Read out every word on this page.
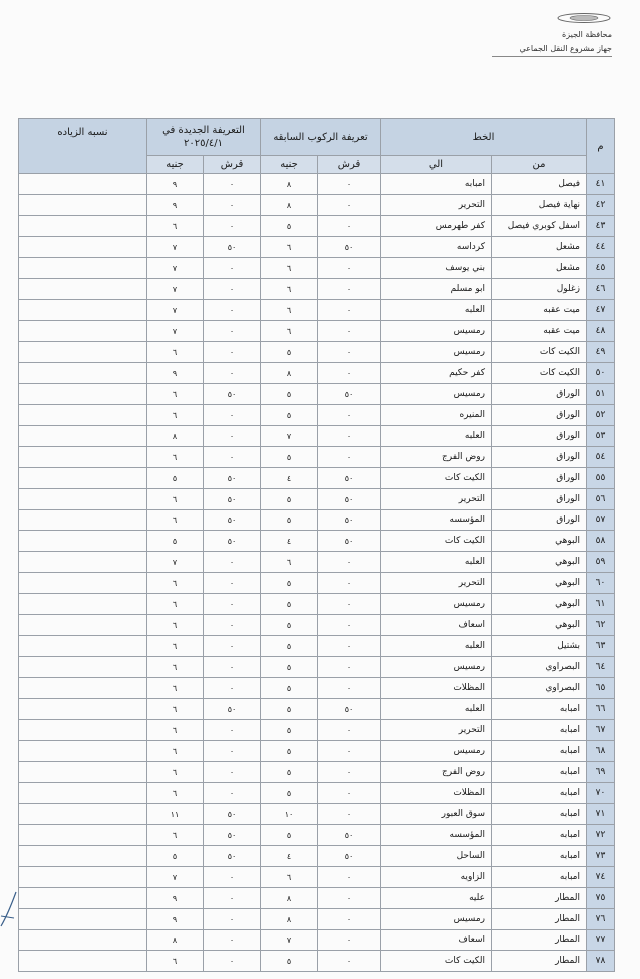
محافظة الجيزة
جهاز مشروع النقل الجماعي
م	الخط		تعريفة الركوب السابقه		التعريفة الجديدة في ٢٠٢٥/٤/١		نسبه الزياده
	من	الي	قرش	جنيه	قرش	جنيه	
٤١	فيصل	امبابه	٠	٨	٠	٩	
٤٢	نهاية فيصل	التحرير	٠	٨	٠	٩	
٤٣	اسفل كوبري فيصل	كفر طهرمس	٠	٥	٠	٦	
٤٤	مشعل	كرداسه	٥٠	٦	٥٠	٧	
٤٥	مشعل	بني يوسف	٠	٦	٠	٧	
٤٦	زغلول	ابو مسلم	٠	٦	٠	٧	
٤٧	ميت عقبه	العلبه	٠	٦	٠	٧	
٤٨	ميت عقبه	رمسيس	٠	٦	٠	٧	
٤٩	الكيت كات	رمسيس	٠	٥	٠	٦	
٥٠	الكيت كات	كفر حكيم	٠	٨	٠	٩	
٥١	الوراق	رمسيس	٥٠	٥	٥٠	٦	
٥٢	الوراق	المنيره	٠	٥	٠	٦	
٥٣	الوراق	العلبه	٠	٧	٠	٨	
٥٤	الوراق	روض الفرج	٠	٥	٠	٦	
٥٥	الوراق	الكيت كات	٥٠	٤	٥٠	٥	
٥٦	الوراق	التحرير	٥٠	٥	٥٠	٦	
٥٧	الوراق	المؤسسه	٥٠	٥	٥٠	٦	
٥٨	البوهي	الكيت كات	٥٠	٤	٥٠	٥	
٥٩	البوهي	العلبه	٠	٦	٠	٧	
٦٠	البوهي	التحرير	٠	٥	٠	٦	
٦١	البوهي	رمسيس	٠	٥	٠	٦	
٦٢	البوهي	اسعاف	٠	٥	٠	٦	
٦٣	بشتيل	العلبه	٠	٥	٠	٦	
٦٤	البصراوي	رمسيس	٠	٥	٠	٦	
٦٥	البصراوي	المظلات	٠	٥	٠	٦	
٦٦	امبابه	العلبه	٥٠	٥	٥٠	٦	
٦٧	امبابه	التحرير	٠	٥	٠	٦	
٦٨	امبابه	رمسيس	٠	٥	٠	٦	
٦٩	امبابه	روض الفرج	٠	٥	٠	٦	
٧٠	امبابه	المظلات	٠	٥	٠	٦	
٧١	امبابه	سوق العبور	٠	١٠	٥٠	١١	
٧٢	امبابه	المؤسسه	٥٠	٥	٥٠	٦	
٧٣	امبابه	الساحل	٥٠	٤	٥٠	٥	
٧٤	امبابه	الزاويه	٠	٦	٠	٧	
٧٥	المطار	عليه	٠	٨	٠	٩	
٧٦	المطار	رمسيس	٠	٨	٠	٩	
٧٧	المطار	اسعاف	٠	٧	٠	٨	
٧٨	المطار	الكيت كات	٠	٥	٠	٦	
